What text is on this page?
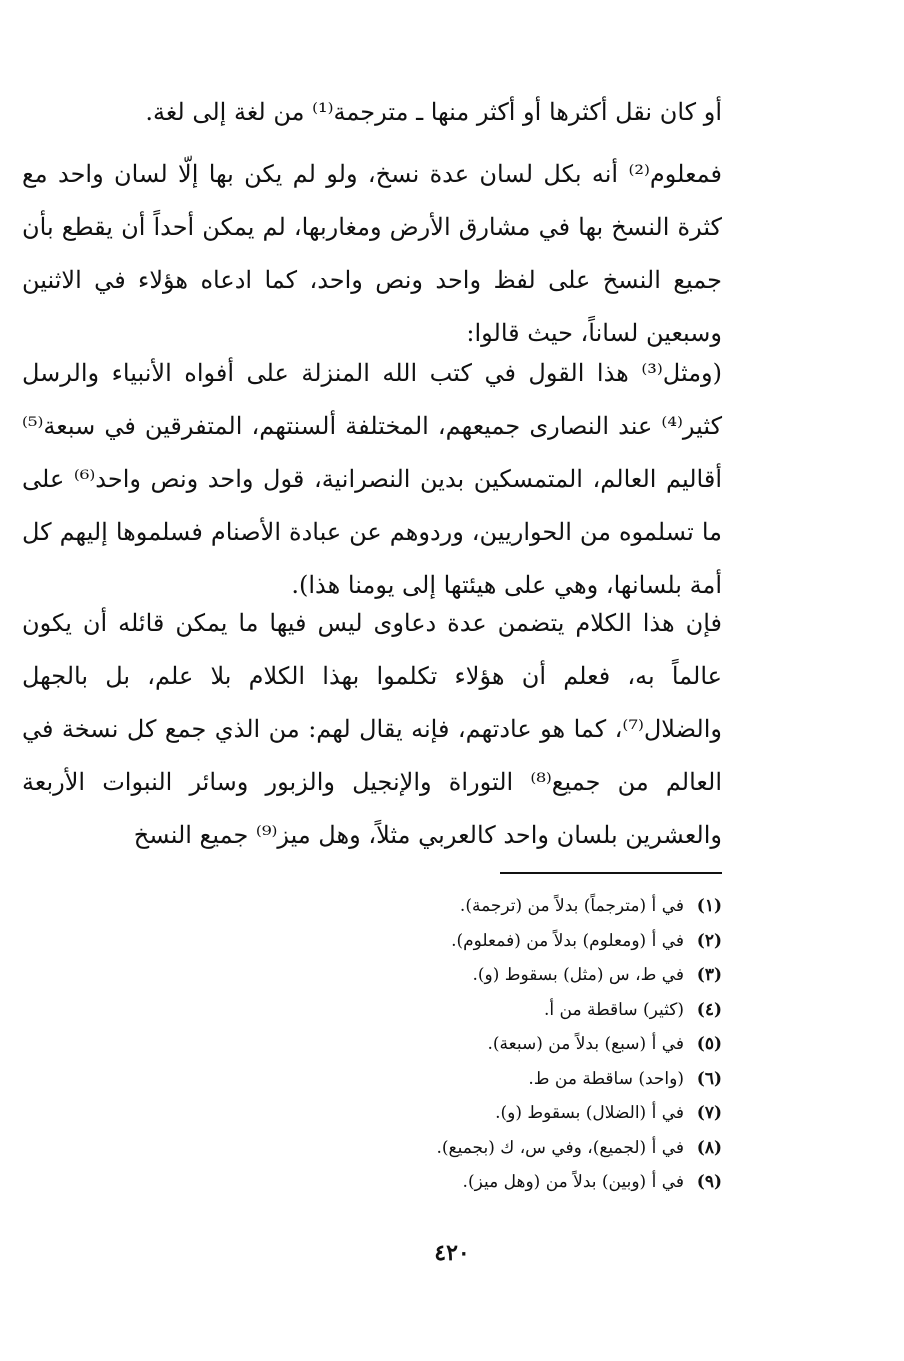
أو كان نقل أكثرها أو أكثر منها ـ مترجمة⁽¹⁾ من لغة إلى لغة.

فمعلوم⁽²⁾ أنه بكل لسان عدة نسخ، ولو لم يكن بها إلّا لسان واحد مع كثرة النسخ بها في مشارق الأرض ومغاربها، لم يمكن أحداً أن يقطع بأن جميع النسخ على لفظ واحد ونص واحد، كما ادعاه هؤلاء في الاثنين وسبعين لساناً، حيث قالوا:

(ومثل⁽³⁾ هذا القول في كتب الله المنزلة على أفواه الأنبياء والرسل كثير⁽⁴⁾ عند النصارى جميعهم، المختلفة ألسنتهم، المتفرقين في سبعة⁽⁵⁾ أقاليم العالم، المتمسكين بدين النصرانية، قول واحد ونص واحد⁽⁶⁾ على ما تسلموه من الحواريين، وردوهم عن عبادة الأصنام فسلموها إليهم كل أمة بلسانها، وهي على هيئتها إلى يومنا هذا).

فإن هذا الكلام يتضمن عدة دعاوى ليس فيها ما يمكن قائله أن يكون عالماً به، فعلم أن هؤلاء تكلموا بهذا الكلام بلا علم، بل بالجهل والضلال⁽⁷⁾، كما هو عادتهم، فإنه يقال لهم: من الذي جمع كل نسخة في العالم من جميع⁽⁸⁾ التوراة والإنجيل والزبور وسائر النبوات الأربعة والعشرين بلسان واحد كالعربي مثلاً، وهل ميز⁽⁹⁾ جميع النسخ

(١)في أ (مترجماً) بدلاً من (ترجمة).
(٢)في أ (ومعلوم) بدلاً من (فمعلوم).
(٣)في ط، س (مثل) بسقوط (و).
(٤)(كثير) ساقطة من أ.
(٥)في أ (سبع) بدلاً من (سبعة).
(٦)(واحد) ساقطة من ط.
(٧)في أ (الضلال) بسقوط (و).
(٨)في أ (لجميع)، وفي س، ك (بجميع).
(٩)في أ (وبين) بدلاً من (وهل ميز).
٤٢٠
